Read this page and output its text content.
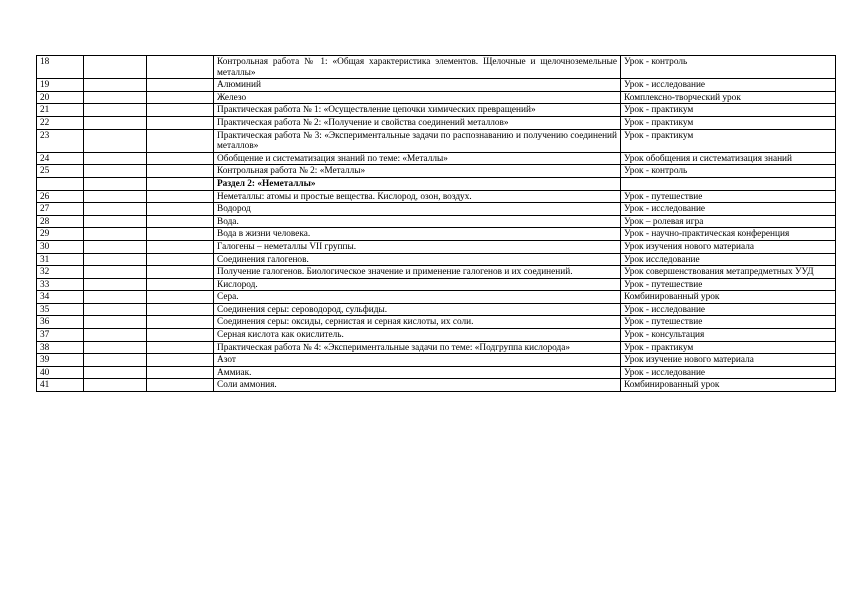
18			Контрольная работа № 1: «Общая характеристика элементов. Щелочные и щелочноземельные металлы»	Урок - контроль
19			Алюминий	Урок - исследование
20			Железо	Комплексно-творческий урок
21			Практическая работа № 1: «Осуществление цепочки химических превращений»	Урок - практикум
22			Практическая работа № 2: «Получение и свойства соединений металлов»	Урок - практикум
23			Практическая работа № 3: «Экспериментальные задачи по распознаванию и получению соединений металлов»	Урок - практикум
24			Обобщение и систематизация знаний по теме: «Металлы»	Урок обобщения и систематизация знаний
25			Контрольная работа № 2: «Металлы»	Урок - контроль
			Раздел 2: «Неметаллы»	
26			Неметаллы: атомы и простые вещества. Кислород, озон, воздух.	Урок - путешествие
27			Водород	Урок - исследование
28			Вода.	Урок – ролевая игра
29			Вода в жизни человека.	Урок - научно-практическая конференция
30			Галогены – неметаллы VII группы.	Урок изучения нового материала
31			Соединения галогенов.	Урок исследование
32			Получение галогенов. Биологическое значение и применение галогенов и их соединений.	Урок совершенствования метапредметных УУД
33			Кислород.	Урок - путешествие
34			Сера.	Комбинированный урок
35			Соединения серы: сероводород, сульфиды.	Урок - исследование
36			Соединения серы: оксиды, сернистая и серная кислоты, их соли.	Урок - путешествие
37			Серная кислота как окислитель.	Урок - консультация
38			Практическая работа № 4: «Экспериментальные задачи по теме: «Подгруппа кислорода»	Урок - практикум
39			Азот	Урок изучение нового материала
40			Аммиак.	Урок - исследование
41			Соли аммония.	Комбинированный урок
